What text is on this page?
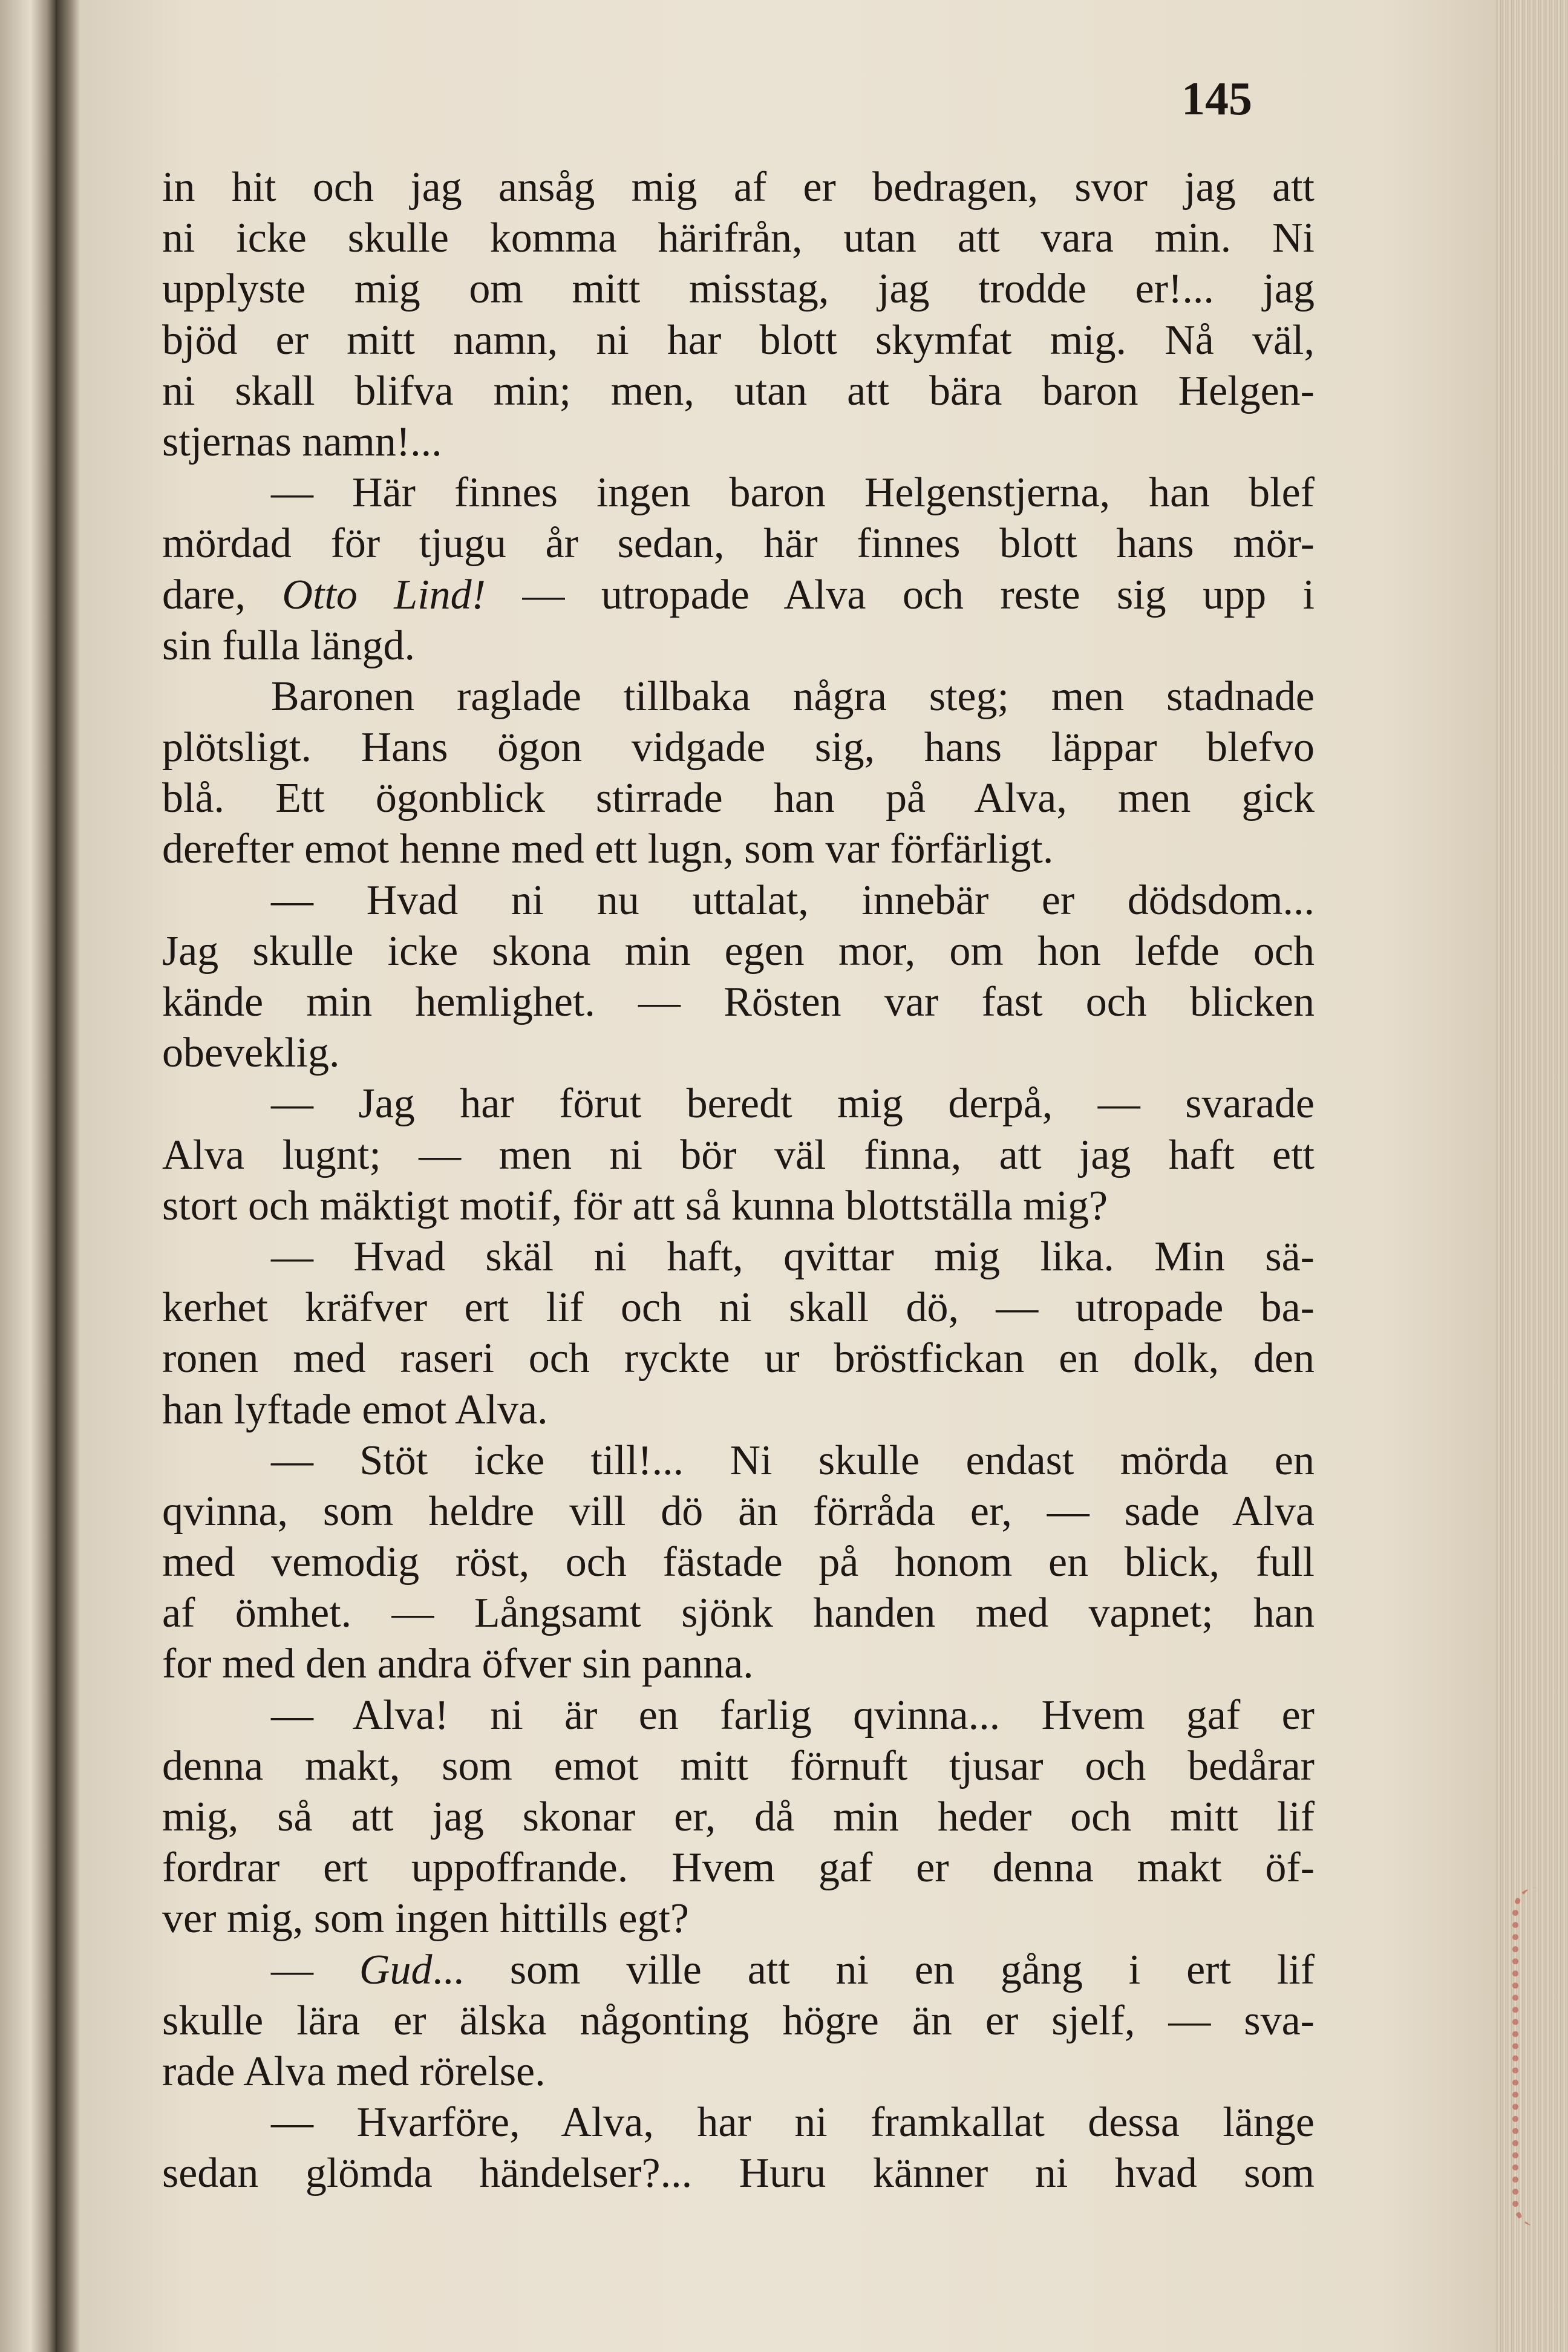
145
in hit och jag ansåg mig af er bedragen, svor jag att
ni icke skulle komma härifrån, utan att vara min. Ni
upplyste mig om mitt misstag, jag trodde er!... jag
bjöd er mitt namn, ni har blott skymfat mig. Nå väl,
ni skall blifva min; men, utan att bära baron Helgen-
stjernas namn!...
— Här finnes ingen baron Helgenstjerna, han blef
mördad för tjugu år sedan, här finnes blott hans mör-
dare, Otto Lind! — utropade Alva och reste sig upp i
sin fulla längd.
Baronen raglade tillbaka några steg; men stadnade
plötsligt. Hans ögon vidgade sig, hans läppar blefvo
blå. Ett ögonblick stirrade han på Alva, men gick
derefter emot henne med ett lugn, som var förfärligt.
— Hvad ni nu uttalat, innebär er dödsdom...
Jag skulle icke skona min egen mor, om hon lefde och
kände min hemlighet. — Rösten var fast och blicken
obeveklig.
— Jag har förut beredt mig derpå, — svarade
Alva lugnt; — men ni bör väl finna, att jag haft ett
stort och mäktigt motif, för att så kunna blottställa mig?
— Hvad skäl ni haft, qvittar mig lika. Min sä-
kerhet kräfver ert lif och ni skall dö, — utropade ba-
ronen med raseri och ryckte ur bröstfickan en dolk, den
han lyftade emot Alva.
— Stöt icke till!... Ni skulle endast mörda en
qvinna, som heldre vill dö än förråda er, — sade Alva
med vemodig röst, och fästade på honom en blick, full
af ömhet. — Långsamt sjönk handen med vapnet; han
for med den andra öfver sin panna.
— Alva! ni är en farlig qvinna... Hvem gaf er
denna makt, som emot mitt förnuft tjusar och bedårar
mig, så att jag skonar er, då min heder och mitt lif
fordrar ert uppoffrande. Hvem gaf er denna makt öf-
ver mig, som ingen hittills egt?
— Gud... som ville att ni en gång i ert lif
skulle lära er älska någonting högre än er sjelf, — sva-
rade Alva med rörelse.
— Hvarföre, Alva, har ni framkallat dessa länge
sedan glömda händelser?... Huru känner ni hvad som
